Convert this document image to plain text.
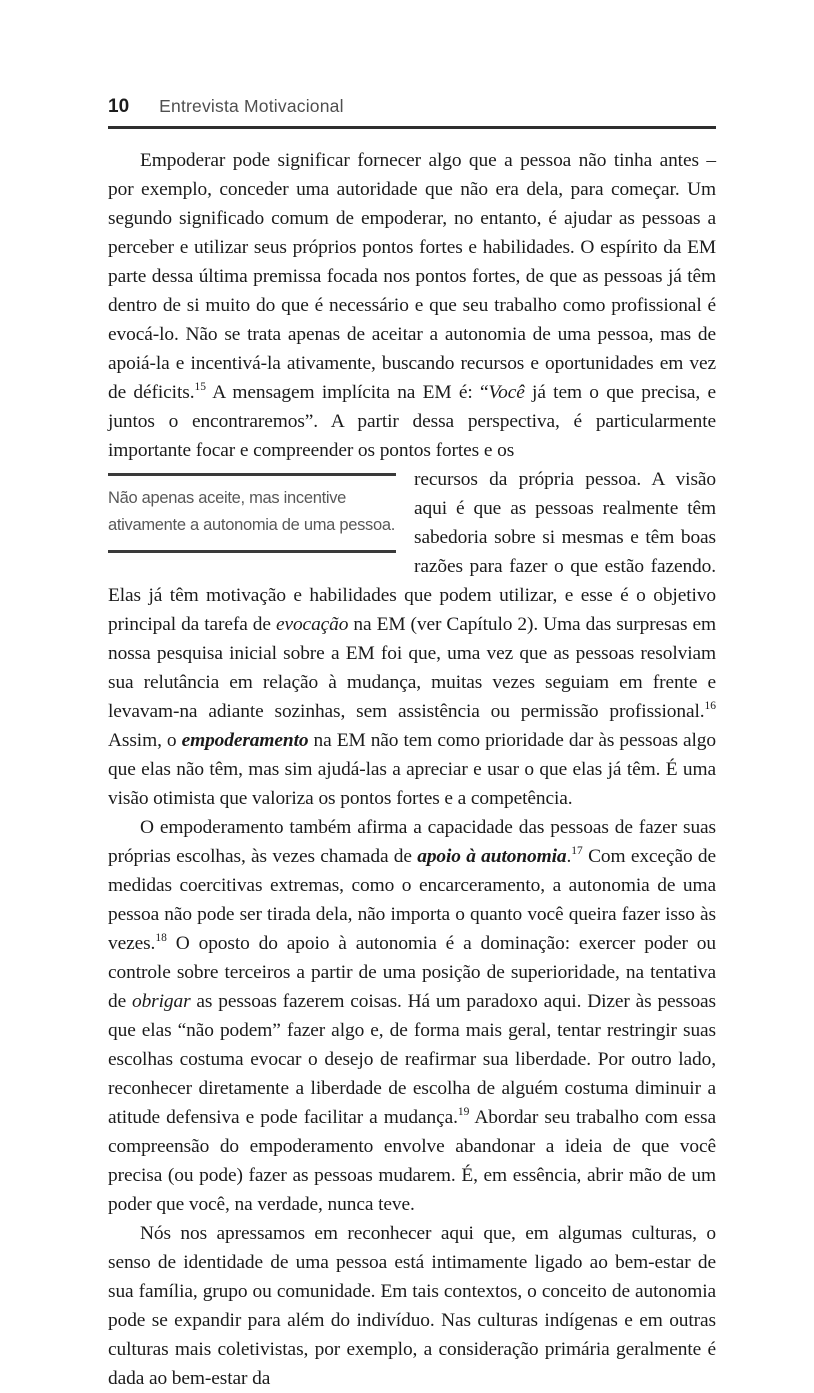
10 Entrevista Motivacional

Empoderar pode significar fornecer algo que a pessoa não tinha antes – por exemplo, conceder uma autoridade que não era dela, para começar. Um segundo significado comum de empoderar, no entanto, é ajudar as pessoas a perceber e utilizar seus próprios pontos fortes e habilidades. O espírito da EM parte dessa última premissa focada nos pontos fortes, de que as pessoas já têm dentro de si muito do que é necessário e que seu trabalho como profissional é evocá-lo. Não se trata apenas de aceitar a autonomia de uma pessoa, mas de apoiá-la e incentivá-la ativamente, buscando recursos e oportunidades em vez de déficits.$^{15}$ A mensagem implícita na EM é: “Você já tem o que precisa, e juntos o encontraremos”. A partir dessa perspectiva, é particularmente importante focar e compreender os pontos fortes e os

Não apenas aceite, mas incentive ativamente a autonomia de uma pessoa.
recursos da própria pessoa. A visão aqui é que as pessoas realmente têm sabedoria sobre si mesmas e têm boas razões para fazer o que estão fazendo. Elas já têm motivação e habilidades que podem utilizar, e esse é o objetivo principal da tarefa de evocação na EM (ver Capítulo 2). Uma das surpresas em nossa pesquisa inicial sobre a EM foi que, uma vez que as pessoas resolviam sua relutância em relação à mudança, muitas vezes seguiam em frente e levavam-na adiante sozinhas, sem assistência ou permissão profissional.$^{16}$ Assim, o empoderamento na EM não tem como prioridade dar às pessoas algo que elas não têm, mas sim ajudá-las a apreciar e usar o que elas já têm. É uma visão otimista que valoriza os pontos fortes e a competência.

O empoderamento também afirma a capacidade das pessoas de fazer suas próprias escolhas, às vezes chamada de apoio à autonomia.$^{17}$ Com exceção de medidas coercitivas extremas, como o encarceramento, a autonomia de uma pessoa não pode ser tirada dela, não importa o quanto você queira fazer isso às vezes.$^{18}$ O oposto do apoio à autonomia é a dominação: exercer poder ou controle sobre terceiros a partir de uma posição de superioridade, na tentativa de obrigar as pessoas fazerem coisas. Há um paradoxo aqui. Dizer às pessoas que elas “não podem” fazer algo e, de forma mais geral, tentar restringir suas escolhas costuma evocar o desejo de reafirmar sua liberdade. Por outro lado, reconhecer diretamente a liberdade de escolha de alguém costuma diminuir a atitude defensiva e pode facilitar a mudança.$^{19}$ Abordar seu trabalho com essa compreensão do empoderamento envolve abandonar a ideia de que você precisa (ou pode) fazer as pessoas mudarem. É, em essência, abrir mão de um poder que você, na verdade, nunca teve.

Nós nos apressamos em reconhecer aqui que, em algumas culturas, o senso de identidade de uma pessoa está intimamente ligado ao bem-estar de sua família, grupo ou comunidade. Em tais contextos, o conceito de autonomia pode se expandir para além do indivíduo. Nas culturas indígenas e em outras culturas mais coletivistas, por exemplo, a consideração primária geralmente é dada ao bem-estar da
